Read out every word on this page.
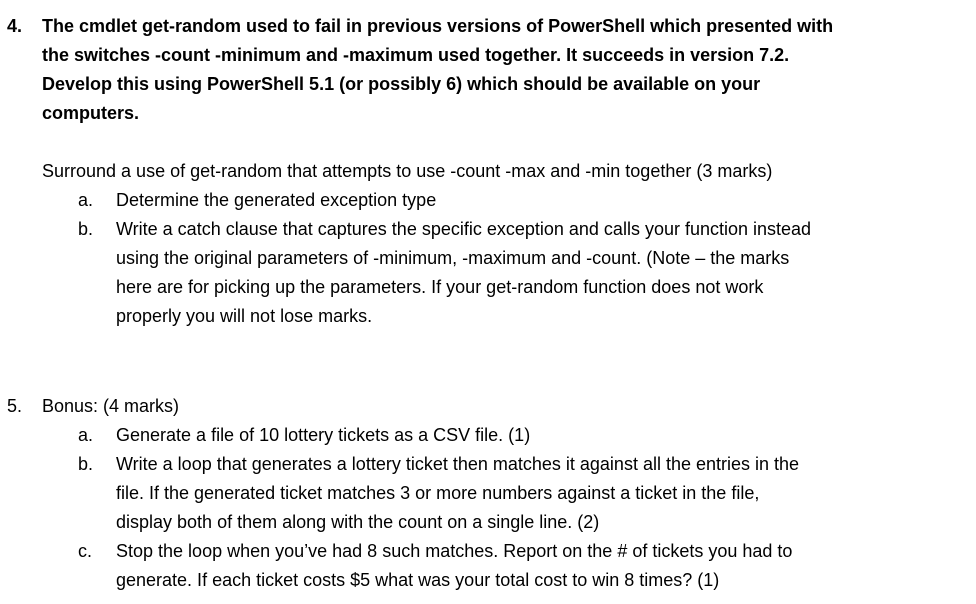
4. The cmdlet get-random used to fail in previous versions of PowerShell which presented with
the switches -count -minimum and -maximum used together. It succeeds in version 7.2.
Develop this using PowerShell 5.1 (or possibly 6) which should be available on your
computers.
Surround a use of get-random that attempts to use -count -max and -min together (3 marks)
a. Determine the generated exception type
b. Write a catch clause that captures the specific exception and calls your function instead
using the original parameters of -minimum, -maximum and -count. (Note – the marks
here are for picking up the parameters. If your get-random function does not work
properly you will not lose marks.
5. Bonus: (4 marks)
a. Generate a file of 10 lottery tickets as a CSV file. (1)
b. Write a loop that generates a lottery ticket then matches it against all the entries in the
file. If the generated ticket matches 3 or more numbers against a ticket in the file,
display both of them along with the count on a single line. (2)
c. Stop the loop when you’ve had 8 such matches. Report on the # of tickets you had to
generate. If each ticket costs $5 what was your total cost to win 8 times? (1)
